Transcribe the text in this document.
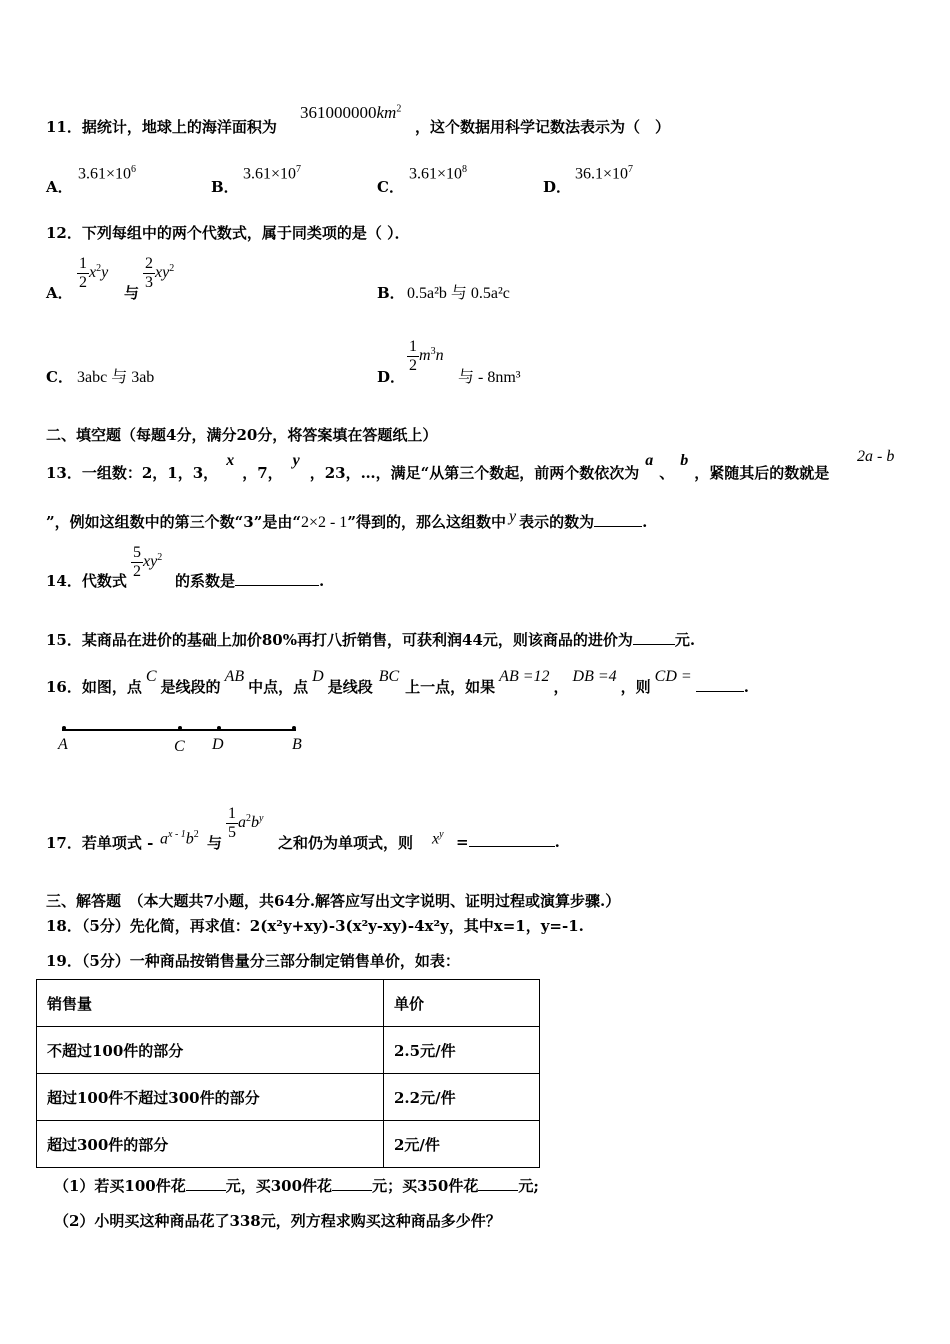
11．据统计，地球上的海洋面积为
$361000000km^2$
，这个数据用科学记数法表示为（　）
A．
$3.61\times 10^6$
B．
$3.61\times 10^7$
C．
$3.61\times 10^8$
D．
$36.1\times 10^7$
12．下列每组中的两个代数式，属于同类项的是（ ）．
A．
$\frac{1}{2} x^2y$
与
$\frac{2}{3} xy^2$
B． 0.5a²b 与 0.5a²c
C． 3abc 与 3ab	D．
$\frac{1}{2} m^3n$
与 - 8nm³
二、填空题（每题4分，满分20分，将答案填在答题纸上）
13．一组数：2，1，3，x，7，y，23，…，满足“从第三个数起，前两个数依次为a、b，紧随其后的数就是
2a - b
”，例如这组数中的第三个数“3”是由“2×2 - 1”得到的，那么这组数中 y 表示的数为	.
14．代数式 $\frac{5}{2} xy^2$
的系数是	.
15．某商品在进价的基础上加价80%再打八折销售，可获利润44元，则该商品的进价为	元.
16．如图，点C是线段的AB中点，点D是线段BC上一点，如果AB =12，DB =4，则CD =.
A	C D	B
17．若单项式 - $a^{x - 1}b^2$ 与
$\frac{1}{5} a^2b^y$
之和仍为单项式，则 $x^y$ =	.
三、解答题　（本大题共7小题，共64分.解答应写出文字说明、证明过程或演算步骤.）
18．（5分）先化简，再求值：2(x²y+xy)-3(x²y-xy)-4x²y，其中x=1，y=-1.
19．（5分）一种商品按销售量分三部分制定销售单价，如表：
销售量	单价
不超过100件的部分	2.5元/件
超过100件不超过300件的部分	2.2元/件
超过300件的部分	2元/件
（1）若买100件花	元，买300件花	元；买350件花	元;
（2）小明买这种商品花了338元，列方程求购买这种商品多少件？
